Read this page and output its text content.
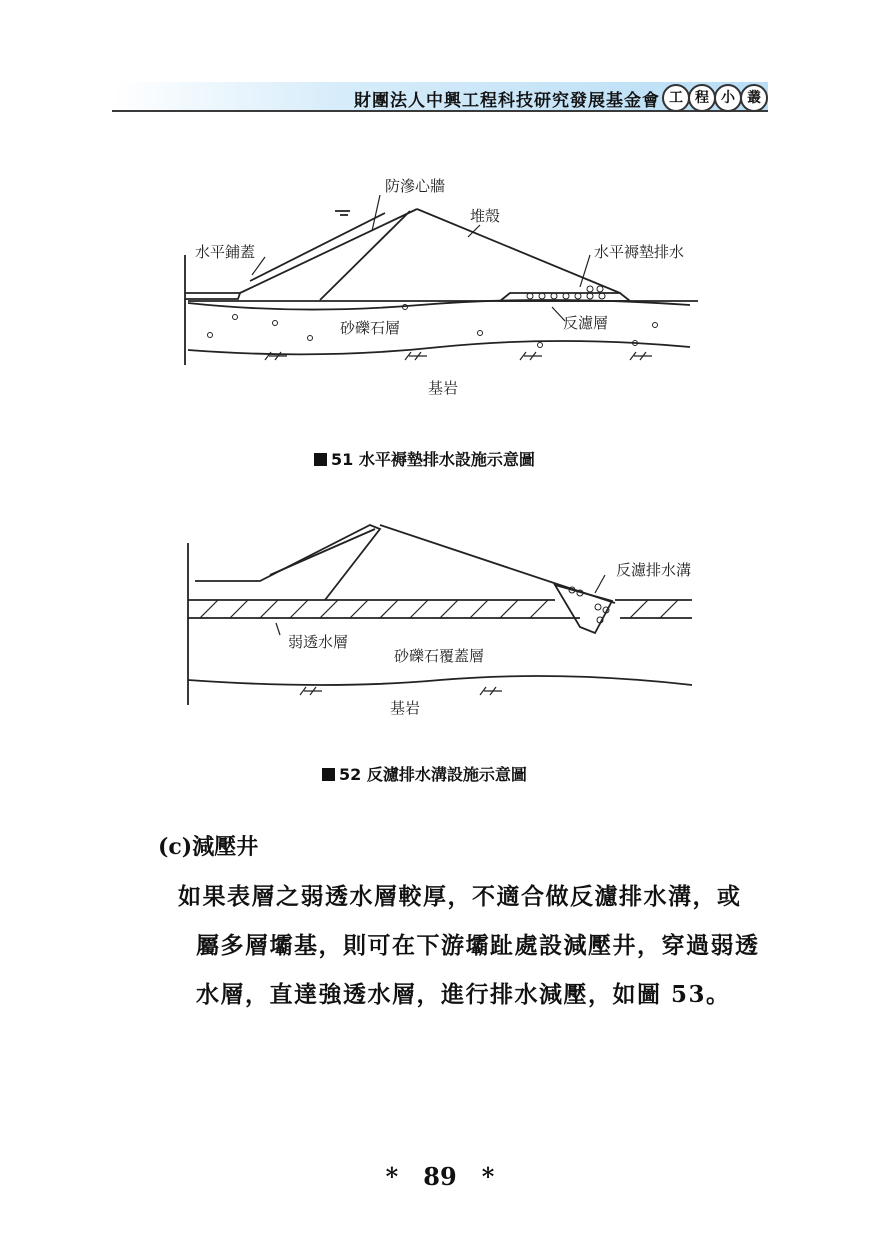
財團法人中興工程科技研究發展基金會 工 程 小 叢
防滲心牆
堆殼
水平鋪蓋	水平褥墊排水
砂礫石層	反濾層
基岩
51 水平褥墊排水設施示意圖
反濾排水溝
弱透水層
砂礫石覆蓋層
基岩
52 反濾排水溝設施示意圖
(c)減壓井
如果表層之弱透水層較厚，不適合做反濾排水溝，或
屬多層壩基，則可在下游壩趾處設減壓井，穿過弱透
水層，直達強透水層，進行排水減壓，如圖 53。
* 89 *
